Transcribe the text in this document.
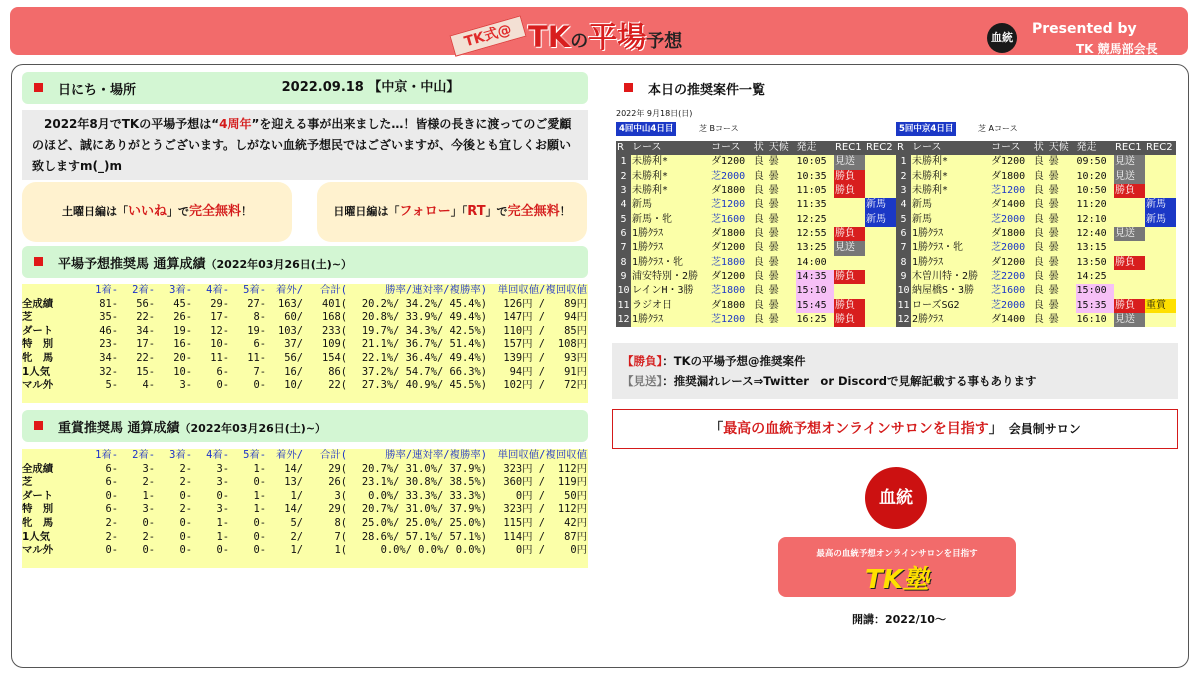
TK式@ TKの平場予想	血統
Presented by
TK 競馬部会長
日にち・場所	2022.09.18 【中京・中山】
　2022年8月でTKの平場予想は“4周年”を迎える事が出来ました…！皆様の長きに渡ってのご愛顧のほど、誠にありがとうございます。しがない血統予想民ではございますが、今後とも宜しくお願い致しますm(_)m
土曜日編は「いいね」で完全無料！	日曜日編は「フォロー」「RT」で完全無料！
平場予想推奨馬 通算成績（2022年03月26日(土)~）
	1着-	2着-	3着-	4着-	5着-	着外/	合計(	勝率/連対率/複勝率)	単回収値/複回収値	
全成績	81-	56-	45-	29-	27-	163/	401(	20.2%/ 34.2%/ 45.4%)	126円 /	89円
芝	35-	22-	26-	17-	8-	60/	168(	20.8%/ 33.9%/ 49.4%)	147円 /	94円
ダート	46-	34-	19-	12-	19-	103/	233(	19.7%/ 34.3%/ 42.5%)	110円 /	85円
特　別	23-	17-	16-	10-	6-	37/	109(	21.1%/ 36.7%/ 51.4%)	157円 /	108円
牝　馬	34-	22-	20-	11-	11-	56/	154(	22.1%/ 36.4%/ 49.4%)	139円 /	93円
1人気	32-	15-	10-	6-	7-	16/	86(	37.2%/ 54.7%/ 66.3%)	94円 /	91円
マル外	5-	4-	3-	0-	0-	10/	22(	27.3%/ 40.9%/ 45.5%)	102円 /	72円
重賞推奨馬 通算成績（2022年03月26日(土)~）
	1着-	2着-	3着-	4着-	5着-	着外/	合計(	勝率/連対率/複勝率)	単回収値/複回収値	
全成績	6-	3-	2-	3-	1-	14/	29(	20.7%/ 31.0%/ 37.9%)	323円 /	112円
芝	6-	2-	2-	3-	0-	13/	26(	23.1%/ 30.8%/ 38.5%)	360円 /	119円
ダート	0-	1-	0-	0-	1-	1/	3(	0.0%/ 33.3%/ 33.3%)	0円 /	50円
特　別	6-	3-	2-	3-	1-	14/	29(	20.7%/ 31.0%/ 37.9%)	323円 /	112円
牝　馬	2-	0-	0-	1-	0-	5/	8(	25.0%/ 25.0%/ 25.0%)	115円 /	42円
1人気	2-	2-	0-	1-	0-	2/	7(	28.6%/ 57.1%/ 57.1%)	114円 /	87円
マル外	0-	0-	0-	0-	0-	1/	1(	0.0%/ 0.0%/ 0.0%)	0円 /	0円
本日の推奨案件一覧
2022年 9月18日(日)
4回中山4日目	芝 Bコース	5回中京4日目	芝 Aコース
R	レース	コース	状	天候	発走	REC1	REC2
1	未勝利*	ダ1200	良	曇	10:05	見送	
2	未勝利*	芝2000	良	曇	10:35	勝負	
3	未勝利*	ダ1800	良	曇	11:05	勝負	
4	新馬	芝1200	良	曇	11:35		新馬
5	新馬・牝	芝1600	良	曇	12:25		新馬
6	1勝ｸﾗｽ	ダ1800	良	曇	12:55	勝負	
7	1勝ｸﾗｽ	ダ1200	良	曇	13:25	見送	
8	1勝ｸﾗｽ・牝	芝1800	良	曇	14:00		
9	浦安特別・2勝	ダ1200	良	曇	14:35	勝負	
10	レインH・3勝	芝1800	良	曇	15:10		
11	ラジオ日	ダ1800	良	曇	15:45	勝負	
12	1勝ｸﾗｽ	芝1200	良	曇	16:25	勝負	
R	レース	コース	状	天候	発走	REC1	REC2
1	未勝利*	ダ1200	良	曇	09:50	見送	
2	未勝利*	ダ1800	良	曇	10:20	見送	
3	未勝利*	芝1200	良	曇	10:50	勝負	
4	新馬	ダ1400	良	曇	11:20		新馬
5	新馬	芝2000	良	曇	12:10		新馬
6	1勝ｸﾗｽ	ダ1800	良	曇	12:40	見送	
7	1勝ｸﾗｽ・牝	芝2000	良	曇	13:15		
8	1勝ｸﾗｽ	ダ1200	良	曇	13:50	勝負	
9	木曽川特・2勝	芝2200	良	曇	14:25		
10	納屋橋S・3勝	芝1600	良	曇	15:00		
11	ローズSG2	芝2000	良	曇	15:35	勝負	重賞
12	2勝ｸﾗｽ	ダ1400	良	曇	16:10	見送	
【勝負】：TKの平場予想@推奨案件
【見送】：推奨漏れレース⇒Twitter　or Discordで見解記載する事もあります
「最高の血統予想オンラインサロンを目指す」 会員制サロン
血統
最高の血統予想オンラインサロンを目指す
TK塾
開講：2022/10〜
